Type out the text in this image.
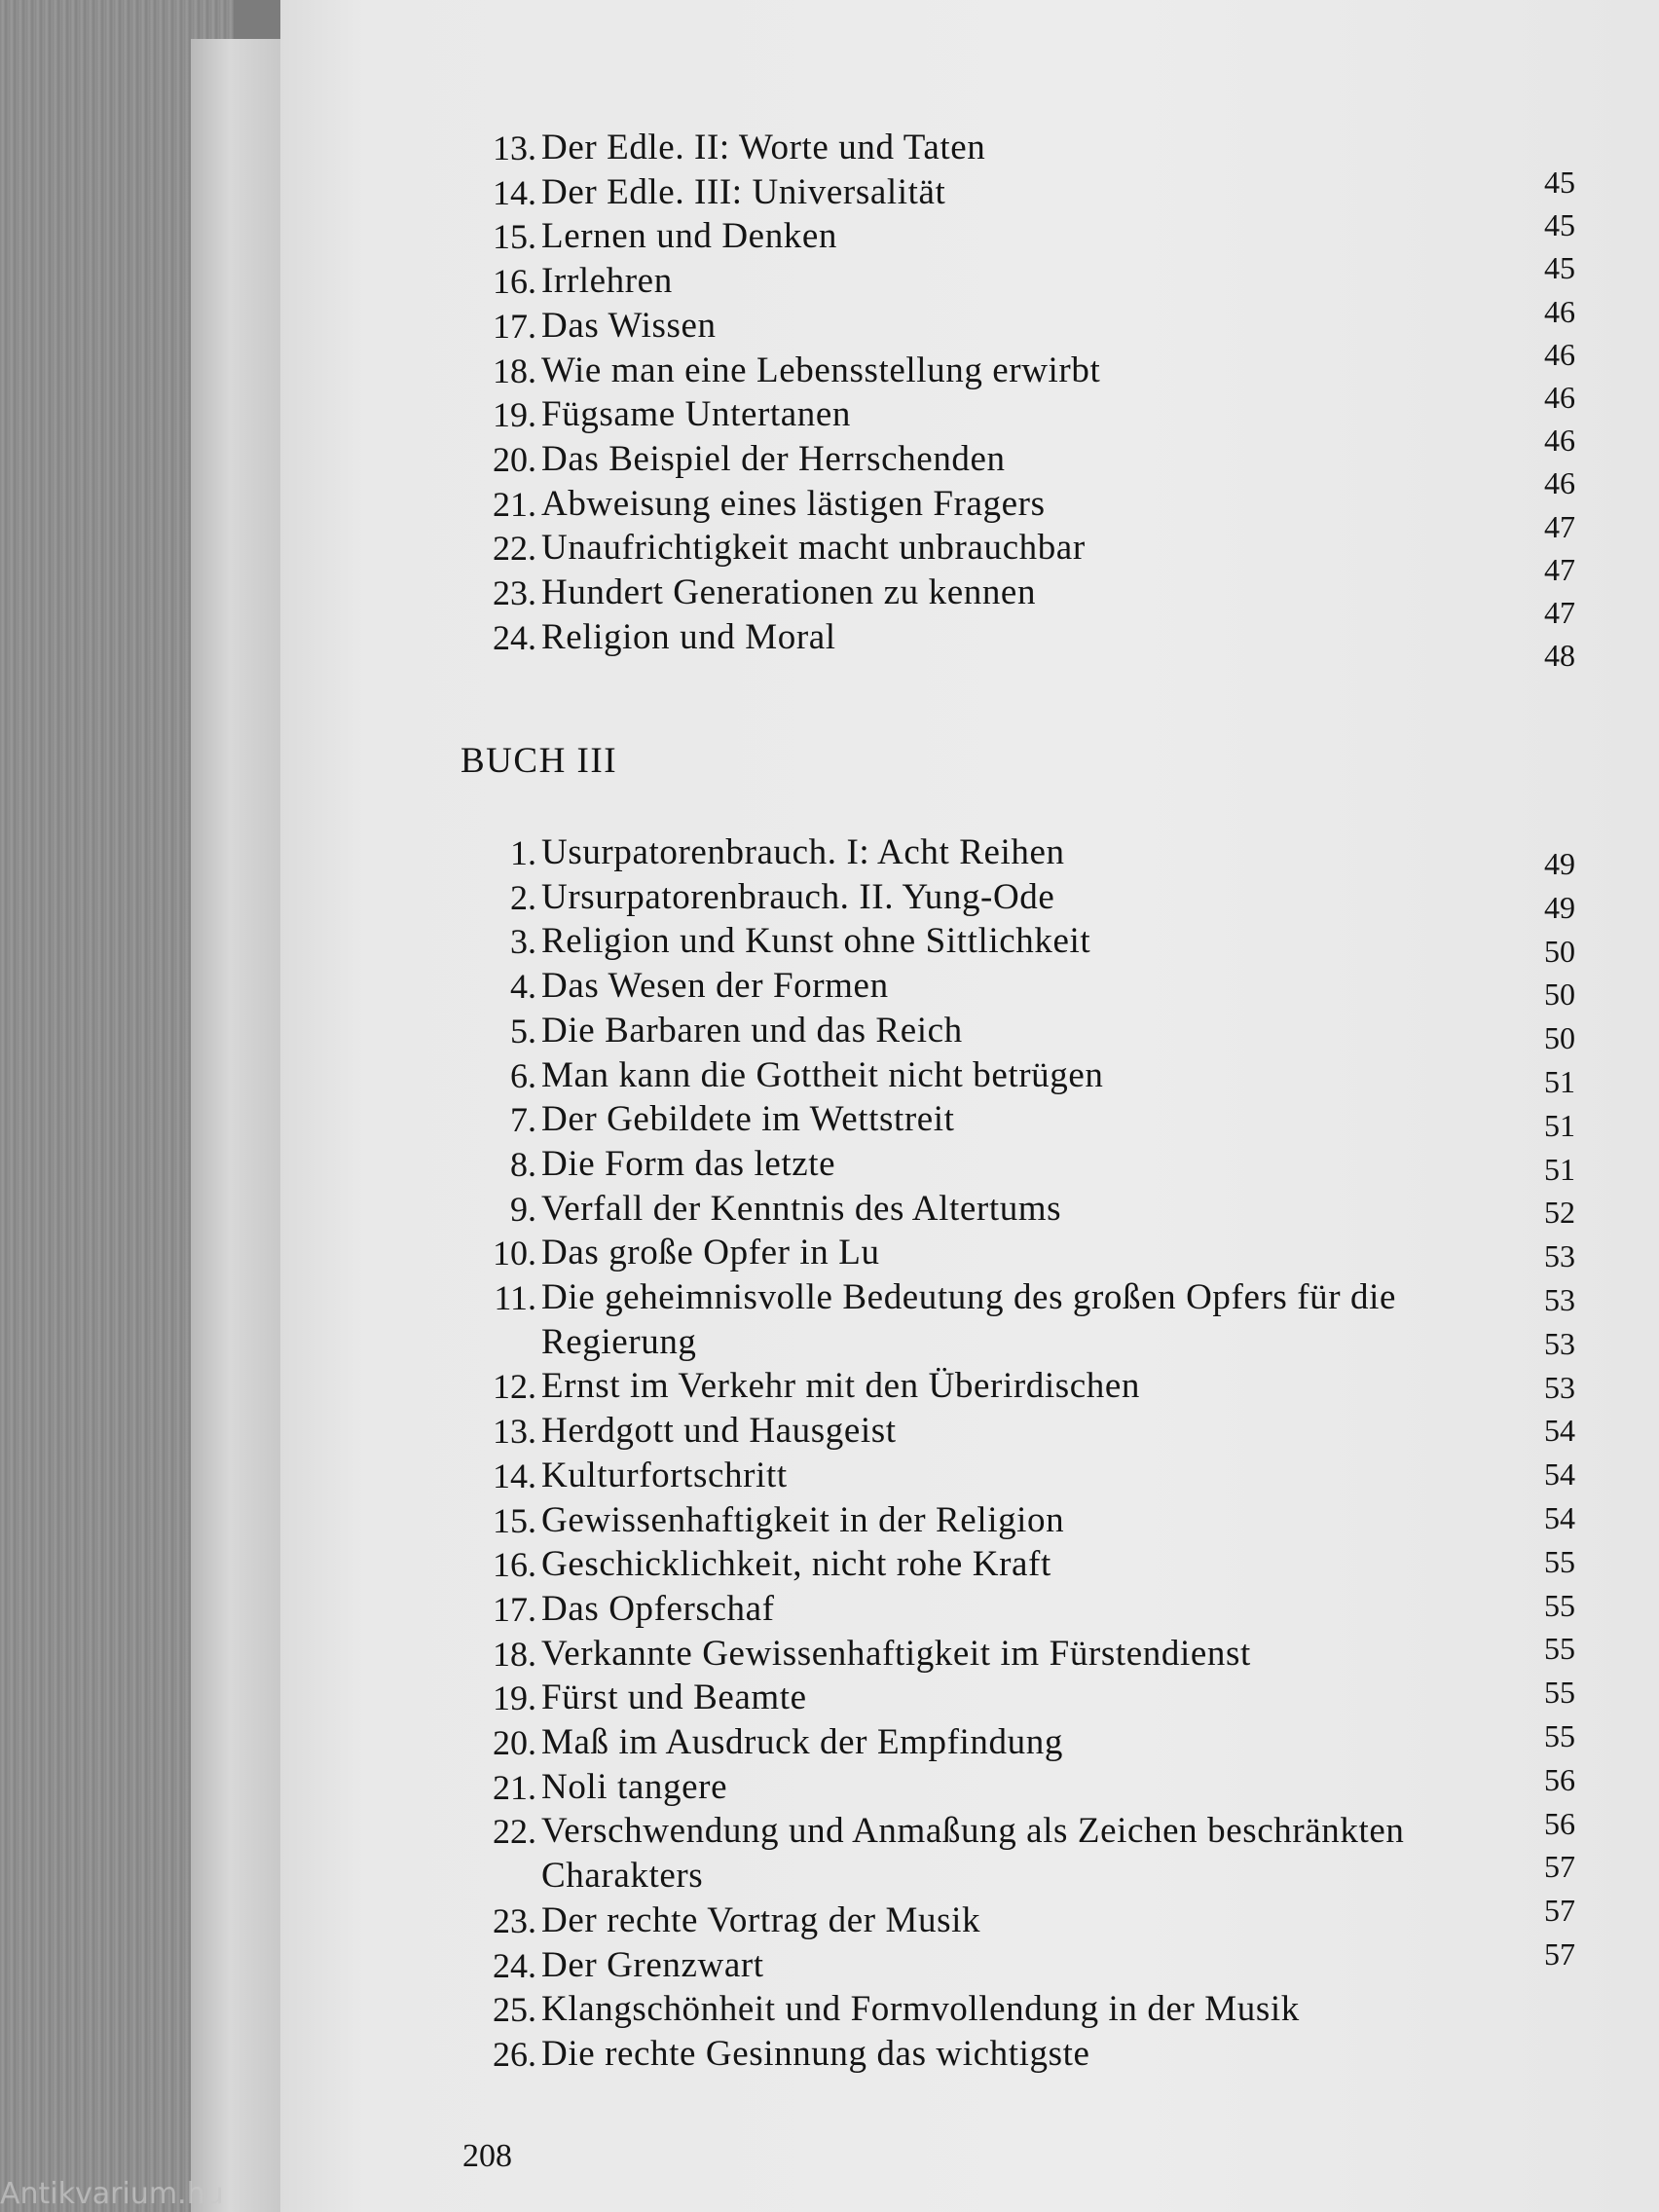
13. Der Edle. II: Worte und Taten
14. Der Edle. III: Universalität
15. Lernen und Denken
16. Irrlehren
17. Das Wissen
18. Wie man eine Lebensstellung erwirbt
19. Fügsame Untertanen
20. Das Beispiel der Herrschenden
21. Abweisung eines lästigen Fragers
22. Unaufrichtigkeit macht unbrauchbar
23. Hundert Generationen zu kennen
24. Religion und Moral
45
45
45
46
46
46
46
46
47
47
47
48
BUCH III
1. Usurpatorenbrauch. I: Acht Reihen
2. Ursurpatorenbrauch. II. Yung-Ode
3. Religion und Kunst ohne Sittlichkeit
4. Das Wesen der Formen
5. Die Barbaren und das Reich
6. Man kann die Gottheit nicht betrügen
7. Der Gebildete im Wettstreit
8. Die Form das letzte
9. Verfall der Kenntnis des Altertums
10. Das große Opfer in Lu
11. Die geheimnisvolle Bedeutung des großen Opfers für die
Regierung
12. Ernst im Verkehr mit den Überirdischen
13. Herdgott und Hausgeist
14. Kulturfortschritt
15. Gewissenhaftigkeit in der Religion
16. Geschicklichkeit, nicht rohe Kraft
17. Das Opferschaf
18. Verkannte Gewissenhaftigkeit im Fürstendienst
19. Fürst und Beamte
20. Maß im Ausdruck der Empfindung
21. Noli tangere
22. Verschwendung und Anmaßung als Zeichen beschränkten
Charakters
23. Der rechte Vortrag der Musik
24. Der Grenzwart
25. Klangschönheit und Formvollendung in der Musik
26. Die rechte Gesinnung das wichtigste
49
49
50
50
50
51
51
51
52
53
53
53
53
54
54
54
55
55
55
55
55
56
56
57
57
57
208
Antikvarium.hu
